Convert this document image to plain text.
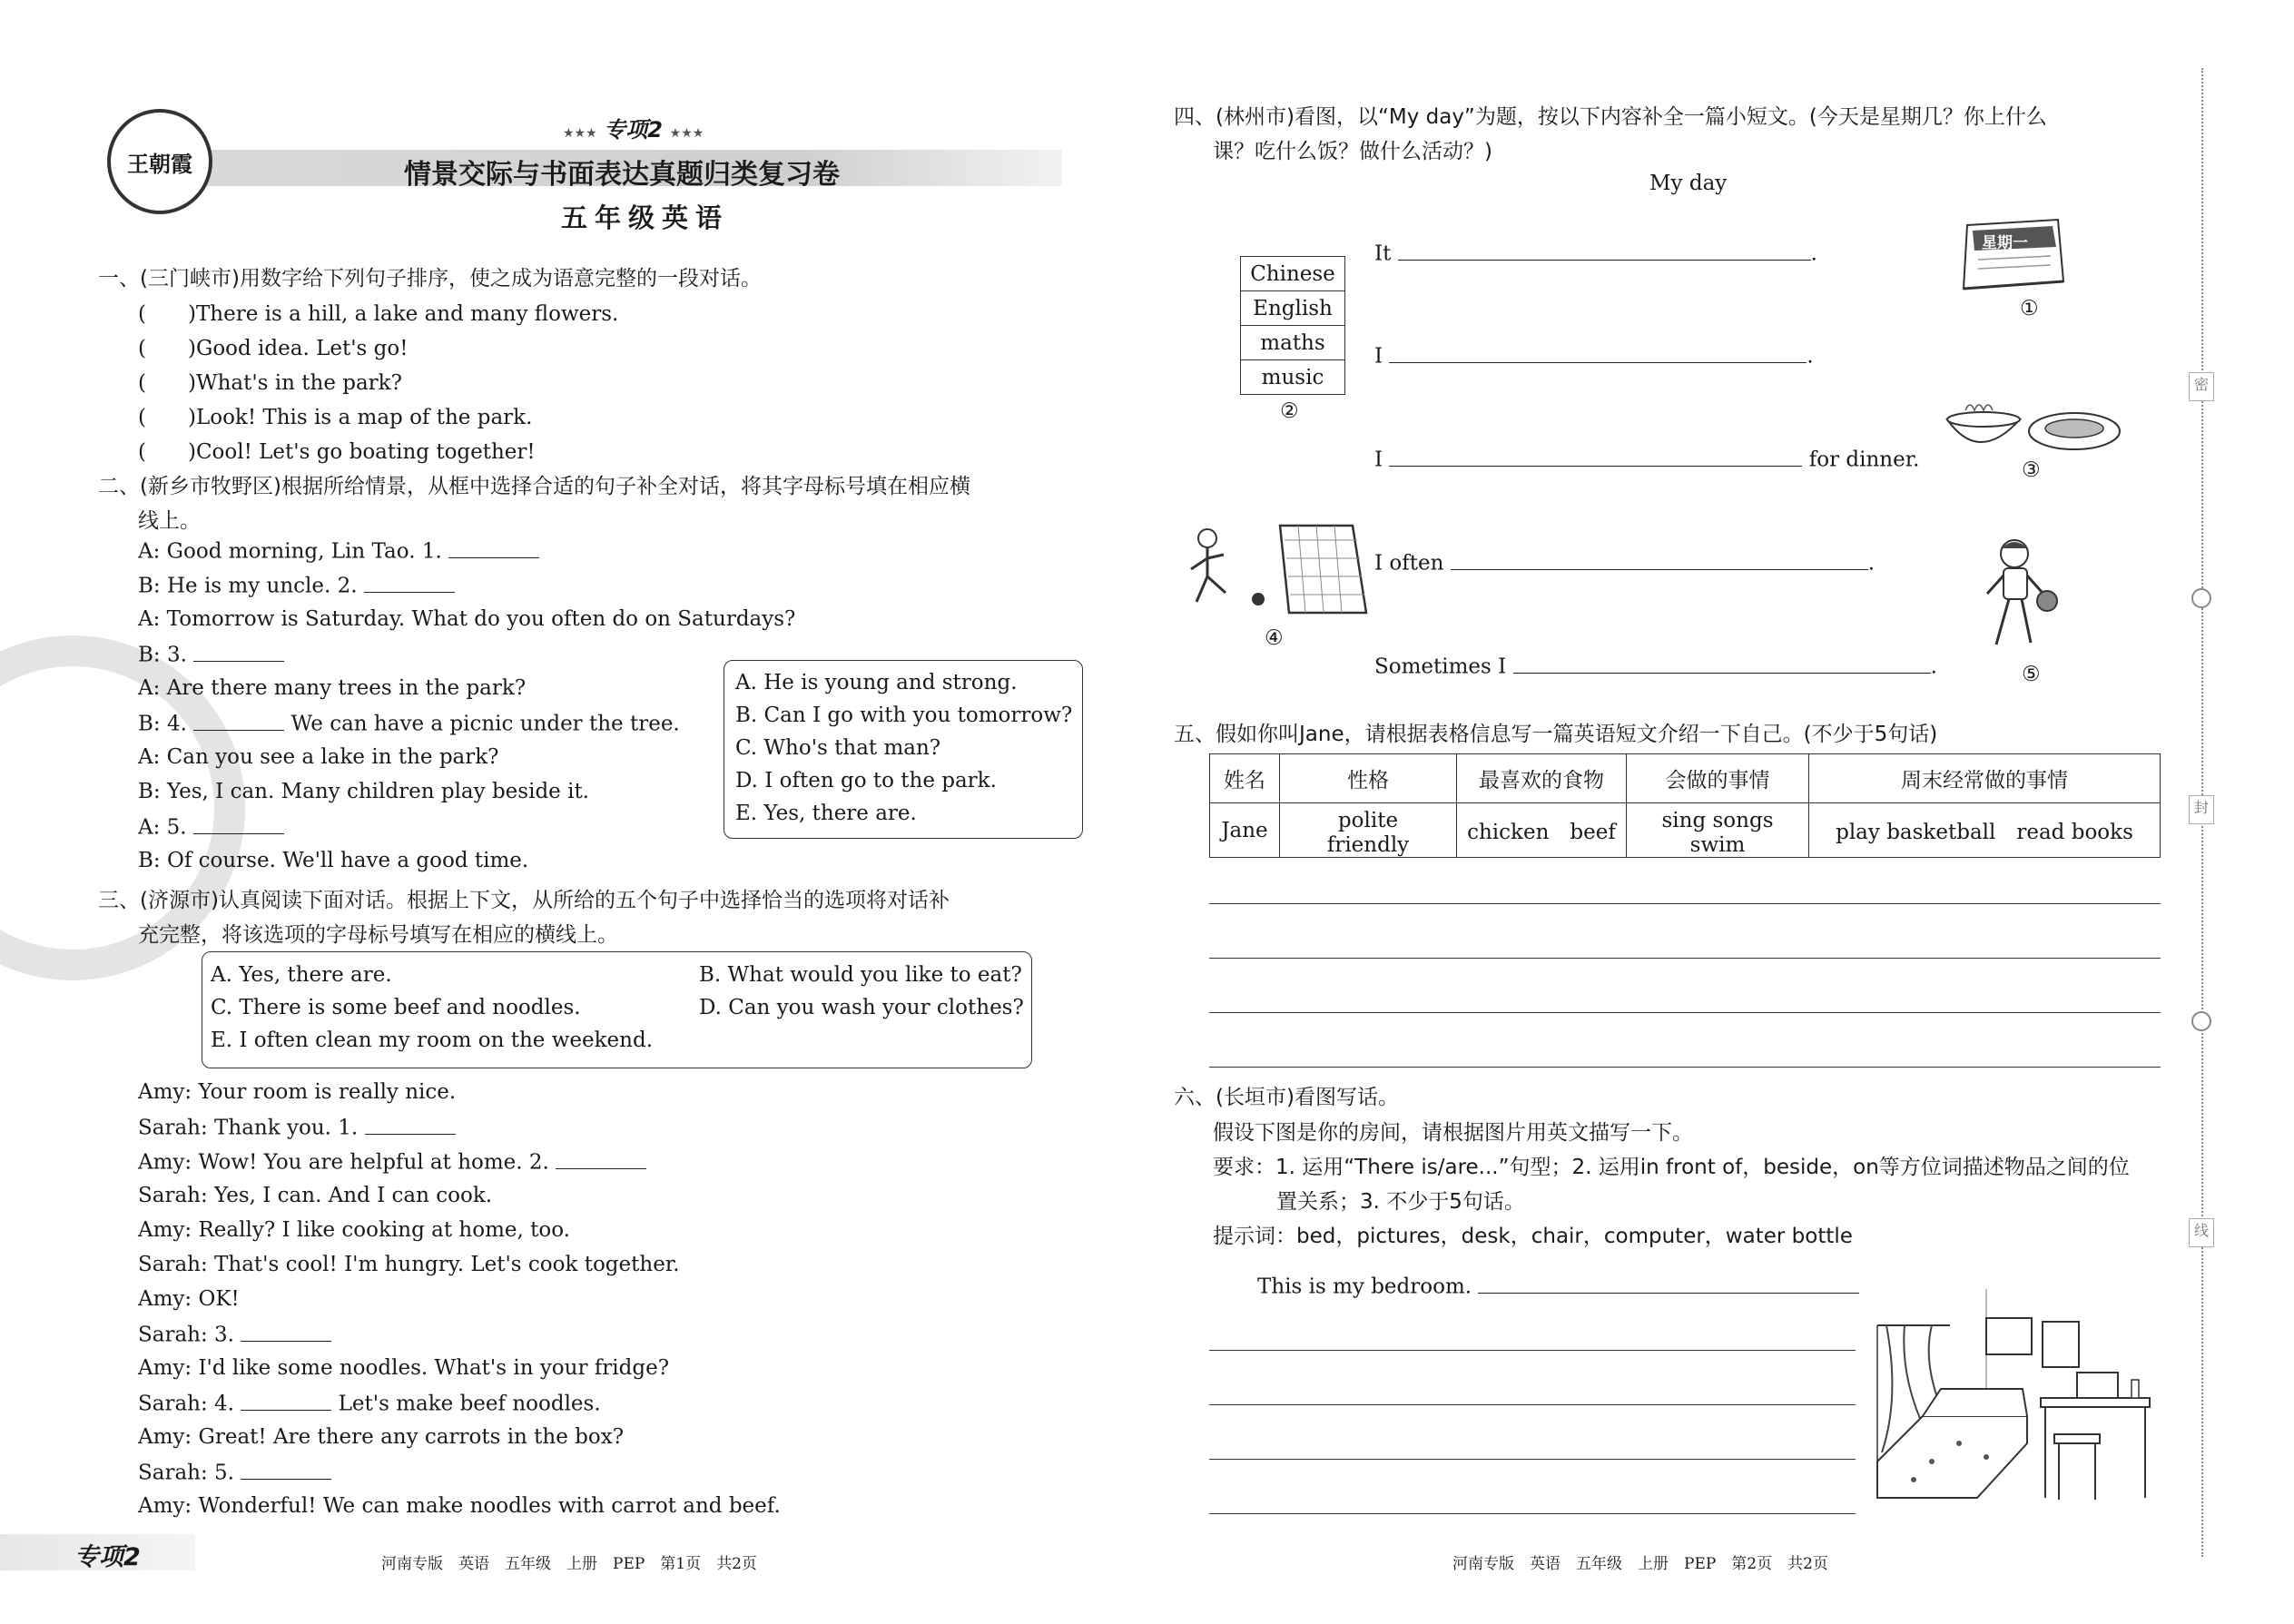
王朝霞
★★★ 专项2 ★★★
情景交际与书面表达真题归类复习卷
五年级英语
一、(三门峡市)用数字给下列句子排序，使之成为语意完整的一段对话。
(　　)There is a hill, a lake and many flowers.
(　　)Good idea. Let's go!
(　　)What's in the park?
(　　)Look! This is a map of the park.
(　　)Cool! Let's go boating together!
二、(新乡市牧野区)根据所给情景，从框中选择合适的句子补全对话，将其字母标号填在相应横
线上。
A: Good morning, Lin Tao. 1.
B: He is my uncle. 2.
A: Tomorrow is Saturday. What do you often do on Saturdays?
B: 3.
A: Are there many trees in the park?
B: 4.	We can have a picnic under the tree.
A: Can you see a lake in the park?
B: Yes, I can. Many children play beside it.
A: 5.
B: Of course. We'll have a good time.
A. He is young and strong.
B. Can I go with you tomorrow?
C. Who's that man?
D. I often go to the park.
E. Yes, there are.
三、(济源市)认真阅读下面对话。根据上下文，从所给的五个句子中选择恰当的选项将对话补
充完整，将该选项的字母标号填写在相应的横线上。
A. Yes, there are.	B. What would you like to eat?
C. There is some beef and noodles.	D. Can you wash your clothes?
E. I often clean my room on the weekend.
Amy: Your room is really nice.
Sarah: Thank you. 1.
Amy: Wow! You are helpful at home. 2.
Sarah: Yes, I can. And I can cook.
Amy: Really? I like cooking at home, too.
Sarah: That's cool! I'm hungry. Let's cook together.
Amy: OK!
Sarah: 3.
Amy: I'd like some noodles. What's in your fridge?
Sarah: 4.	Let's make beef noodles.
Amy: Great! Are there any carrots in the box?
Sarah: 5.
Amy: Wonderful! We can make noodles with carrot and beef.
专项2	河南专版　英语　五年级　上册　PEP　第1页　共2页
四、(林州市)看图，以“My day”为题，按以下内容补全一篇小短文。(今天是星期几？你上什么
课？吃什么饭？做什么活动？)
My day
Chinese
English
maths
music
②
It	.
I	.
I	for dinner.
I often	.
Sometimes I	.
星期一
①
③
④
⑤
五、假如你叫Jane，请根据表格信息写一篇英语短文介绍一下自己。(不少于5句话)
姓名	性格	最喜欢的食物	会做的事情	周末经常做的事情
Jane	polite　friendly	chicken　beef	sing songs　swim	play basketball　read books
六、(长垣市)看图写话。
假设下图是你的房间，请根据图片用英文描写一下。
要求：1. 运用“There is/are...”句型；2. 运用in front of，beside，on等方位词描述物品之间的位
置关系；3. 不少于5句话。
提示词：bed，pictures，desk，chair，computer，water bottle
This is my bedroom.
河南专版　英语　五年级　上册　PEP　第2页　共2页
密
封
线
